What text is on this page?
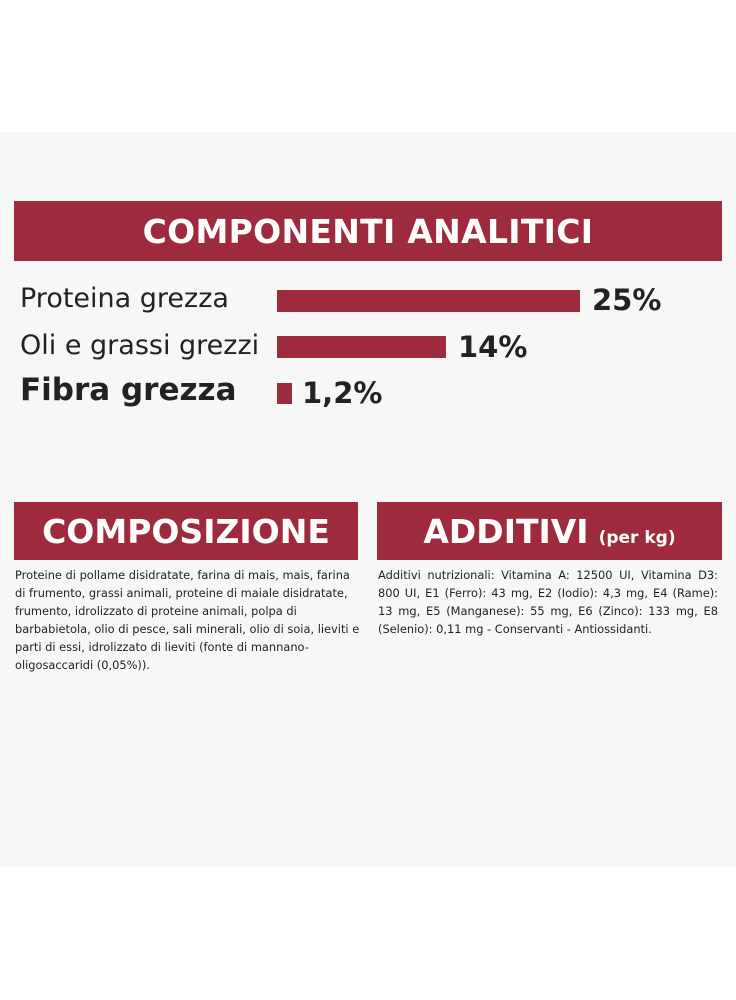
COMPONENTI ANALITICI
Proteina grezza	25%
Oli e grassi grezzi	14%
Fibra grezza 1,2%
COMPOSIZIONE
Proteine di pollame disidratate, farina di mais, mais, farina di frumento, grassi animali, proteine di maiale disidratate, frumento, idrolizzato di proteine animali, polpa di barbabietola, olio di pesce, sali minerali, olio di soia, lieviti e parti di essi, idrolizzato di lieviti (fonte di mannano-oligosaccaridi (0,05%)).
ADDITIVI (per kg)
Additivi nutrizionali: Vitamina A: 12500 UI, Vitamina D3: 800 UI, E1 (Ferro): 43 mg, E2 (Iodio): 4,3 mg, E4 (Rame): 13 mg, E5 (Manganese): 55 mg, E6 (Zinco): 133 mg, E8 (Selenio): 0,11 mg - Conservanti - Antiossidanti.
